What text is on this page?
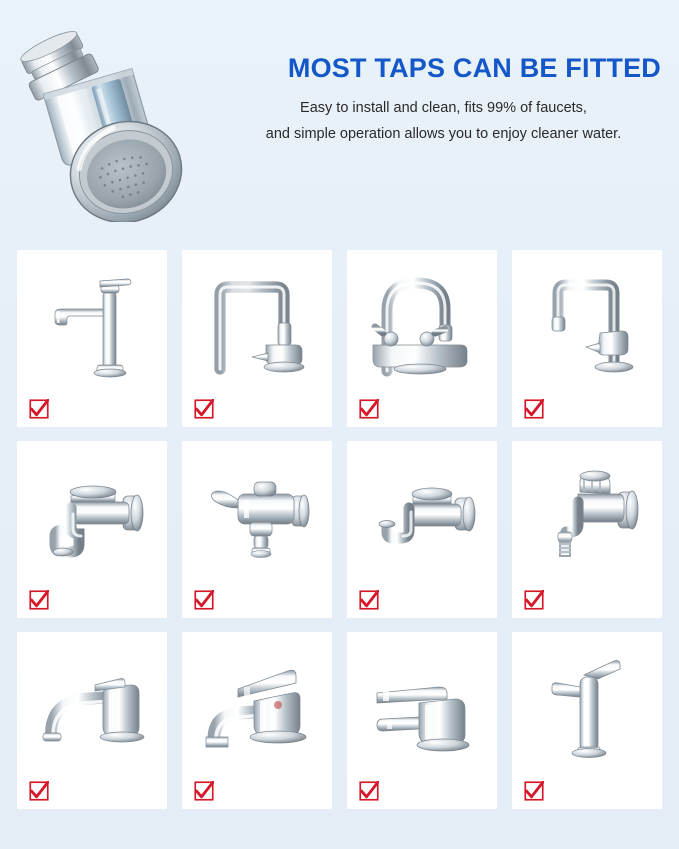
MOST TAPS CAN BE FITTED
Easy to install and clean, fits 99% of faucets,
and simple operation allows you to enjoy cleaner water.
